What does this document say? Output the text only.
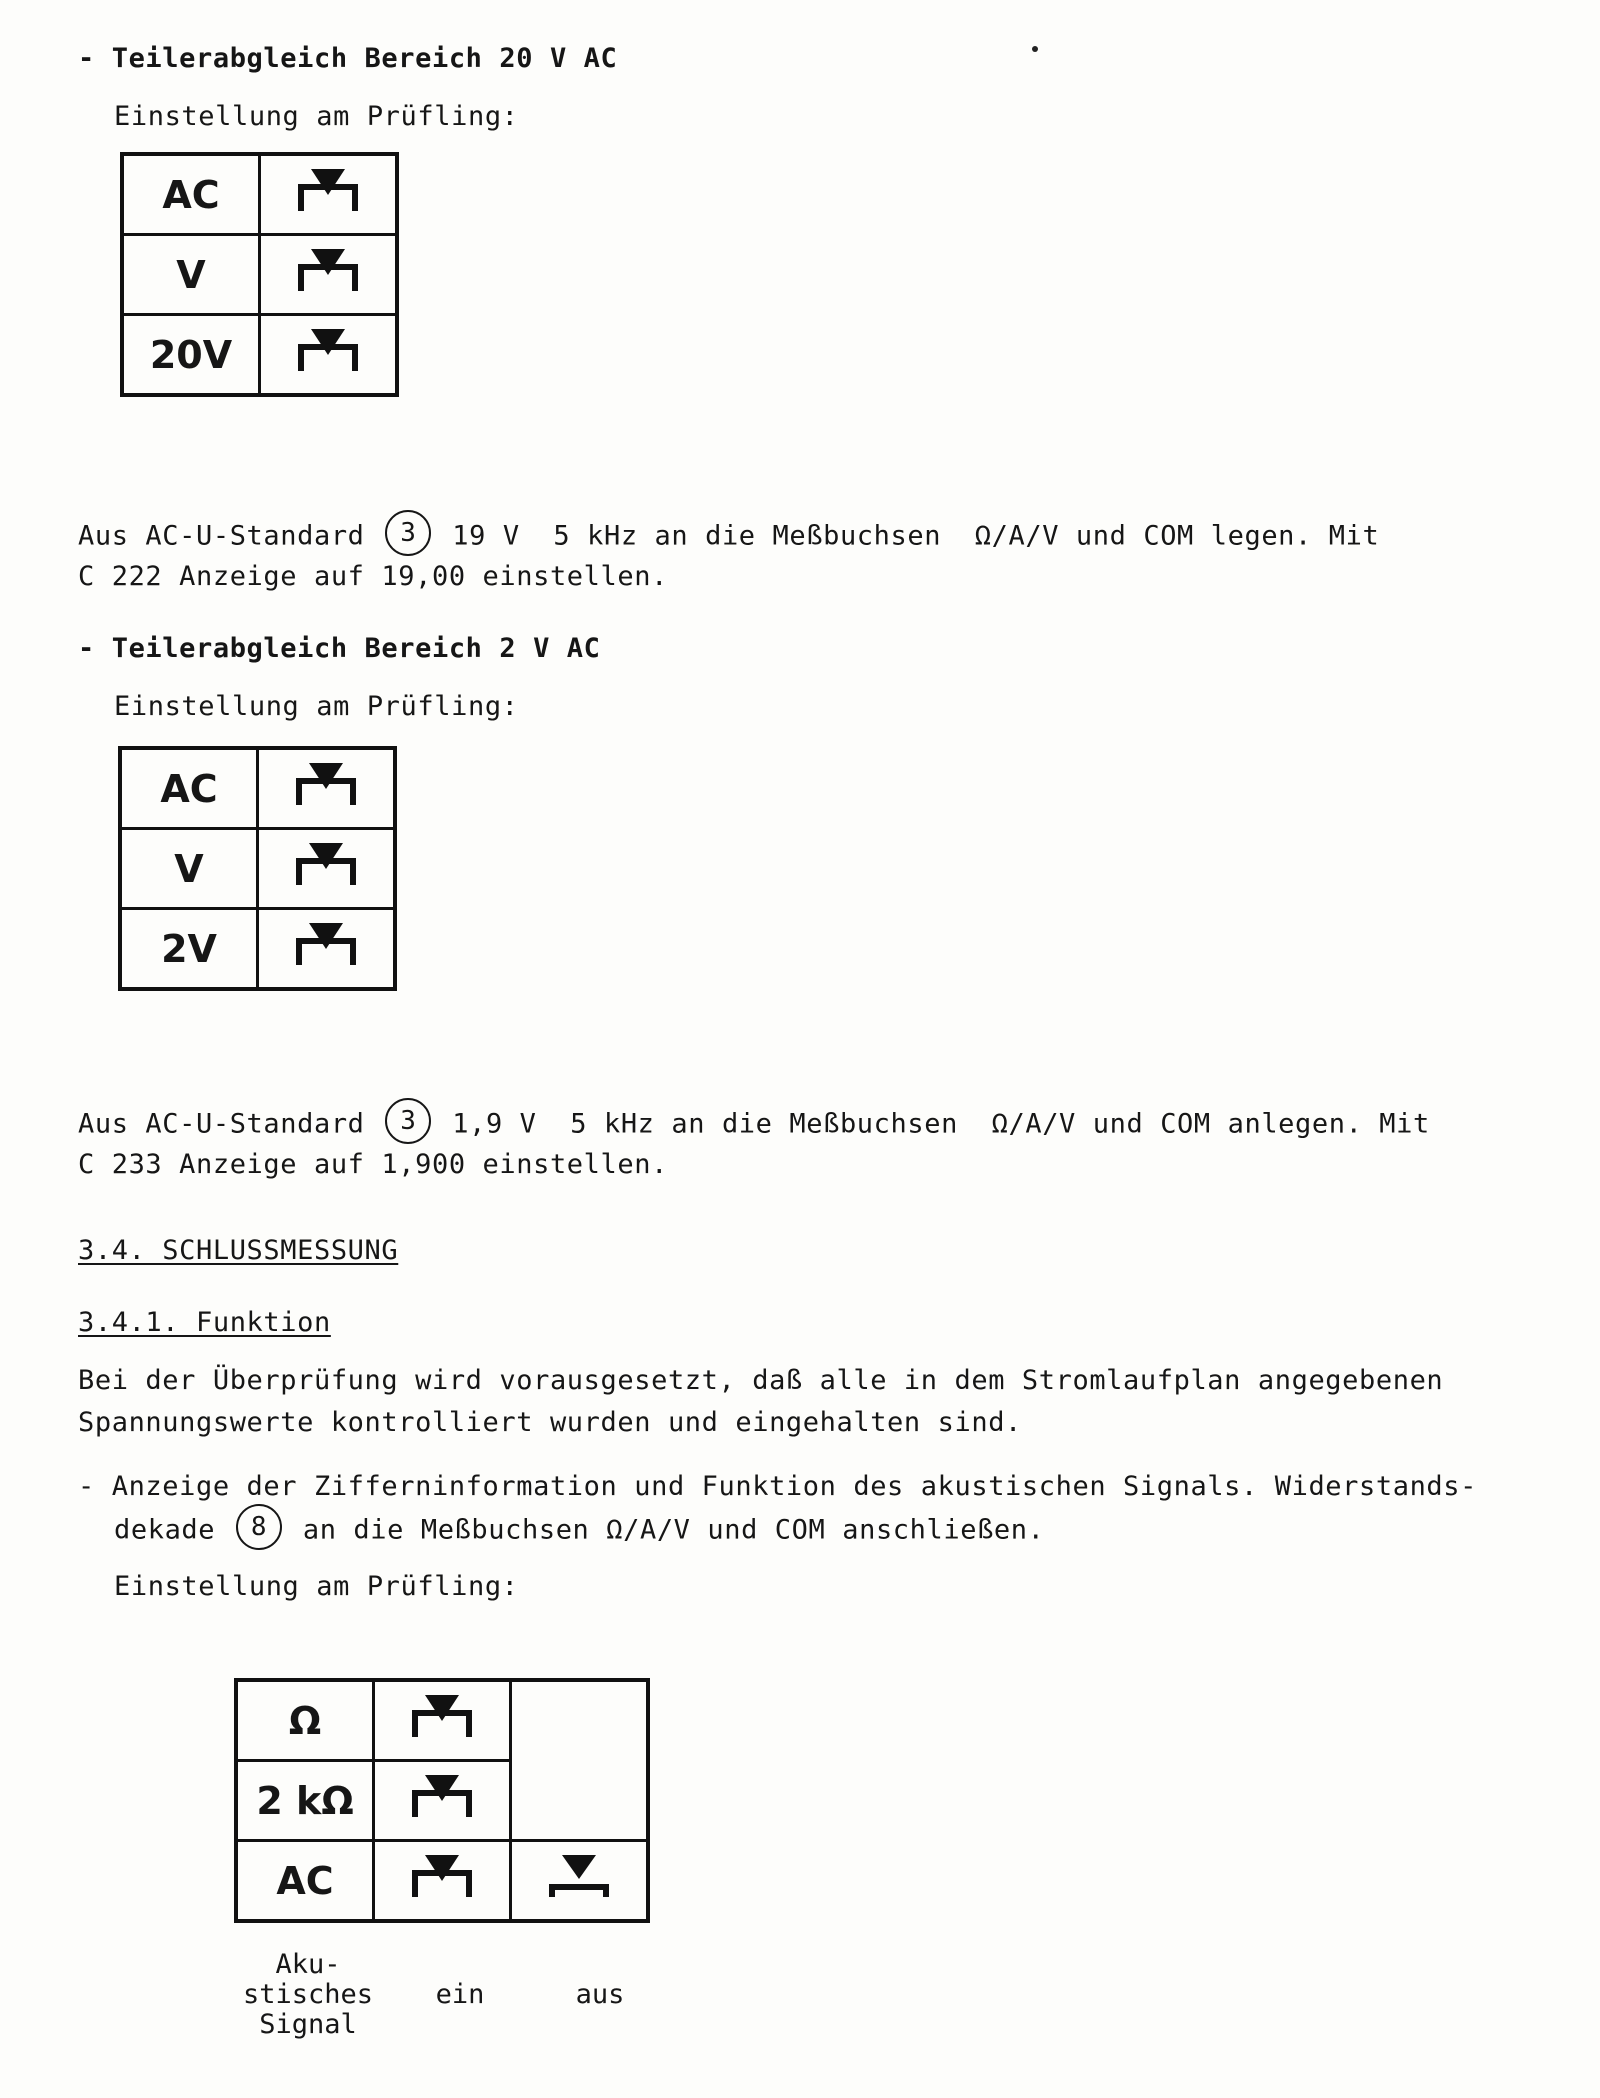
- Teilerabgleich Bereich 20 V AC
Einstellung am Prüfling:
AC	

V	

20V	
Aus AC-U-Standard 3 19 V  5 kHz an die Meßbuchsen  Ω/A/V und COM legen. Mit
C 222 Anzeige auf 19,00 einstellen.
- Teilerabgleich Bereich 2 V AC
Einstellung am Prüfling:
AC	

V	

2V	
Aus AC-U-Standard 3 1,9 V  5 kHz an die Meßbuchsen  Ω/A/V und COM anlegen. Mit
C 233 Anzeige auf 1,900 einstellen.
3.4. SCHLUSSMESSUNG
3.4.1. Funktion
Bei der Überprüfung wird vorausgesetzt, daß alle in dem Stromlaufplan angegebenen
Spannungswerte kontrolliert wurden und eingehalten sind.
- Anzeige der Zifferninformation und Funktion des akustischen Signals. Widerstands-
dekade 8 an die Meßbuchsen Ω/A/V und COM anschließen.
Einstellung am Prüfling:
Ω	

2 kΩ	

AC	

Aku-
stisches
Signal
ein	aus
